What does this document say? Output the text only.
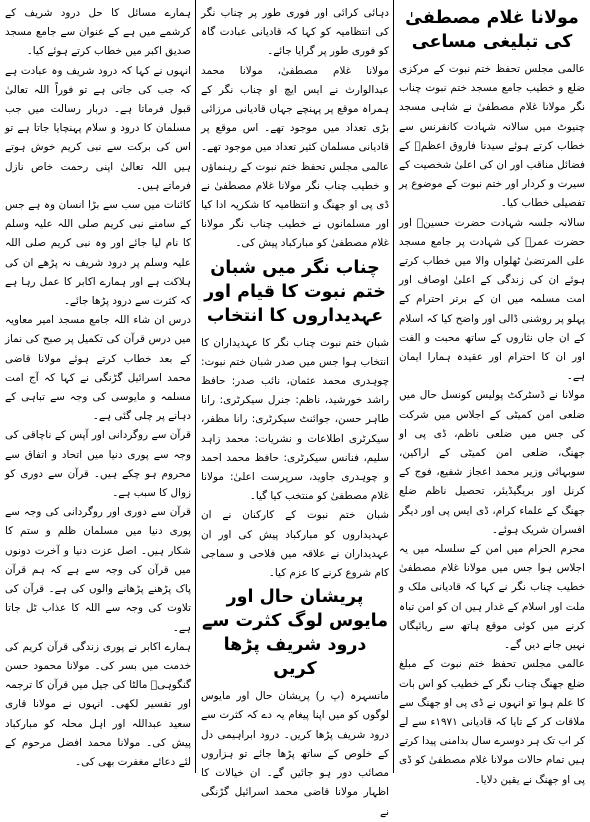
مولانا غلام مصطفیٰ کی تبلیغی مساعی

عالمی مجلس تحفظ ختم نبوت کے مرکزی ضلع و خطیب جامع مسجد ختم نبوت چناب نگر مولانا غلام مصطفیٰ نے شاہی مسجد چنیوٹ میں سالانہ شہادت کانفرنس سے خطاب کرتے ہوئے سیدنا فاروق اعظمؓ کے فضائل مناقب اور ان کی اعلیٰ شخصیت کے سیرت و کردار اور ختم نبوت کے موضوع پر تفصیلی خطاب کیا۔

سالانہ جلسہ شہادت حضرت حسینؓ اور حضرت عمرؓ کی شہادت پر جامع مسجد علی المرتضیٰ ٹھلواں والا میں خطاب کرتے ہوئے ان کی زندگی کے اعلیٰ اوصاف اور امت مسلمہ میں ان کے برتر احترام کے پہلو پر روشنی ڈالی اور واضح کیا کہ اسلام کے ان جاں نثاروں کے ساتھ محبت و الفت اور ان کا احترام اور عقیدہ ہمارا ایمان ہے۔

مولانا نے ڈسٹرکٹ پولیس کونسل حال میں ضلعی امن کمیٹی کے اجلاس میں شرکت کی جس میں ضلعی ناظم، ڈی پی او جھنگ، ضلعی امن کمیٹی کے اراکین، سوبہائی وزیر محمد اعجاز شفیع، فوج کے کرنل اور بریگیڈیئر، تحصیل ناظم ضلع جھنگ کے علماء کرام، ڈی ایس پی اور دیگر افسران شریک ہوئے۔

محرم الحرام میں امن کے سلسلہ میں یہ اجلاس ہوا جس میں مولانا غلام مصطفیٰ خطیب چناب نگر نے کہا کہ قادیانی ملک و ملت اور اسلام کے غدار ہیں ان کو امن تباہ کرنے میں کوئی موقع ہاتھ سے ریائیگاں نہیں جانے دیں گے۔

عالمی مجلس تحفظ ختم نبوت کے مبلغ ضلع جھنگ چناب نگر کے خطیب کو اس بات کا علم ہوا تو انہوں نے ڈی پی او جھنگ سے ملاقات کر کے تایا کہ قادیانی ۱۹۷۱ء سے لے کر اب تک ہر دوسرے سال بدامنی پیدا کرتے ہیں تمام حالات مولانا غلام مصطفیٰ کو ڈی پی او جھنگ نے یقین دلایا۔

دہائی کرائی اور فوری طور پر چناب نگر کی انتظامیہ کو کہا کہ قادیانی عبادت گاہ کو فوری طور پر گرایا جائے۔

مولانا غلام مصطفیٰ، مولانا محمد عبدالوارث نے ایس ایچ او چناب نگر کے ہمراہ موقع پر پہنچے جہاں قادیانی مرزائی بڑی تعداد میں موجود تھے۔ اس موقع پر قادیانی مسلمان کثیر تعداد میں موجود تھے۔ عالمی مجلس تحفظ ختم نبوت کے رہنماؤں و خطیب چناب نگر مولانا غلام مصطفیٰ نے ڈی پی او جھنگ و انتظامیہ کا شکریہ ادا کیا اور مسلمانوں نے خطیب چناب نگر مولانا غلام مصطفیٰ کو مبارکباد پیش کی۔

چناب نگر میں شبان ختم نبوت کا قیام اور عہدیداروں کا انتخاب

شبان ختم نبوت چناب نگر کا عہدیداران کا انتخاب ہوا جس میں صدر شبان ختم نبوت: چوہدری محمد عثمان، نائب صدر: حافظ راشد خورشید، ناظم: جنرل سیکرٹری: رانا طاہر حسن، جوائنٹ سیکرٹری: رانا مظفر، سیکرٹری اطلاعات و نشریات: محمد زاہد سلیم، فنانس سیکرٹری: حافظ محمد احمد و چوہدری جاوید، سرپرست اعلیٰ: مولانا غلام مصطفیٰ کو منتخب کیا گیا۔

شبان ختم نبوت کے کارکنان نے ان عہدیداروں کو مبارکباد پیش کی اور ان عہدیداران نے علاقہ میں فلاحی و سماجی کام شروع کرنے کا عزم کیا۔

پریشان حال اور مایوس لوگ کثرت سے درود شریف پڑھا کریں

مانسہرہ (پ ر) پریشان حال اور مایوس لوگوں کو میں اپنا پیغام یہ دے کہ کثرت سے درود شریف پڑھا کریں۔ درود ابراہیمی دل کے خلوص کے ساتھ پڑھا جائے تو ہزاروں مصائب دور ہو جائیں گے۔ ان خیالات کا اظہار مولانا قاضی محمد اسرائیل گڑنگی نے

ہمارے مسائل کا حل درود شریف کے کرشمے میں ہے کے عنوان سے جامع مسجد صدیق اکبر میں خطاب کرتے ہوئے کیا۔

انہوں نے کہا کہ درود شریف وہ عبادت ہے کہ جب کی جاتی ہے تو فوراً اللہ تعالیٰ قبول فرماتا ہے۔ دربار رسالت میں جب مسلمان کا درود و سلام پہنچایا جاتا ہے تو اس کی برکت سے نبی کریم خوش ہوتے ہیں اللہ تعالیٰ اپنی رحمت خاص نازل فرماتے ہیں۔

کائنات میں سب سے بڑا انسان وہ ہے جس کے سامنے نبی کریم صلی اللہ علیہ وسلم کا نام لیا جائے اور وہ نبی کریم صلی اللہ علیہ وسلم پر درود شریف نہ پڑھے ان کی ہلاکت ہے اور ہمارے اکابر کا عمل رہا ہے کہ کثرت سے درود پڑھا جائے۔

درس ان شاء اللہ جامع مسجد امیر معاویہ میں درس قرآن کی تکمیل پر صبح کی نماز کے بعد خطاب کرتے ہوئے مولانا قاضی محمد اسرائیل گڑنگی نے کہا کہ آج امت مسلمہ و مایوسی کی وجہ سے تباہی کے دہانے پر چلی گئی ہے۔

قرآن سے روگردانی اور آپس کے ناچاقی کی وجہ سے پوری دنیا میں اتحاد و اتفاق سے محروم ہو چکے ہیں۔ قرآن سے دوری کو زوال کا سبب ہے۔

قرآن سے دوری اور روگردانی کی وجہ سے پوری دنیا میں مسلمان ظلم و ستم کا شکار ہیں۔ اصل عزت دنیا و آخرت دونوں میں قرآن کی وجہ سے ہے کہ ہم قرآن پاک پڑھنے پڑھانے والوں کی ہے۔ قرآن کی تلاوت کی وجہ سے اللہ کا عذاب ٹل جاتا ہے۔

ہمارے اکابر نے پوری زندگی قرآن کریم کی خدمت میں بسر کی۔ مولانا محمود حسن گنگوہیؒ مالٹا کی جیل میں قرآن کا ترجمہ اور تفسیر لکھی۔ انہوں نے مولانا قاری سعید عبداللہ اور اہل محلہ کو مبارکباد پیش کی۔ مولانا محمد افضل مرحوم کے لئے دعائے مغفرت بھی کی۔
